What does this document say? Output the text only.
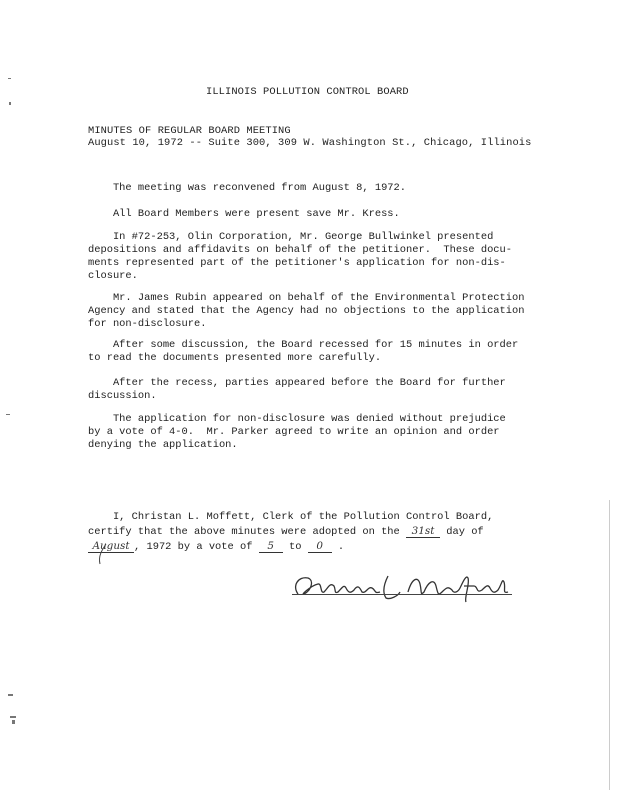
ILLINOIS POLLUTION CONTROL BOARD
MINUTES OF REGULAR BOARD MEETING
August 10, 1972 -- Suite 300, 309 W. Washington St., Chicago, Illinois
The meeting was reconvened from August 8, 1972.
All Board Members were present save Mr. Kress.
In #72-253, Olin Corporation, Mr. George Bullwinkel presented
depositions and affidavits on behalf of the petitioner.  These docu-
ments represented part of the petitioner's application for non-dis-
closure.
Mr. James Rubin appeared on behalf of the Environmental Protection
Agency and stated that the Agency had no objections to the application
for non-disclosure.
After some discussion, the Board recessed for 15 minutes in order
to read the documents presented more carefully.
After the recess, parties appeared before the Board for further
discussion.
The application for non-disclosure was denied without prejudice
by a vote of 4-0.  Mr. Parker agreed to write an opinion and order
denying the application.
I, Christan L. Moffett, Clerk of the Pollution Control Board,
certify that the above minutes were adopted on the 31st
day of
August , 1972 by a vote of 5
to 0
.
